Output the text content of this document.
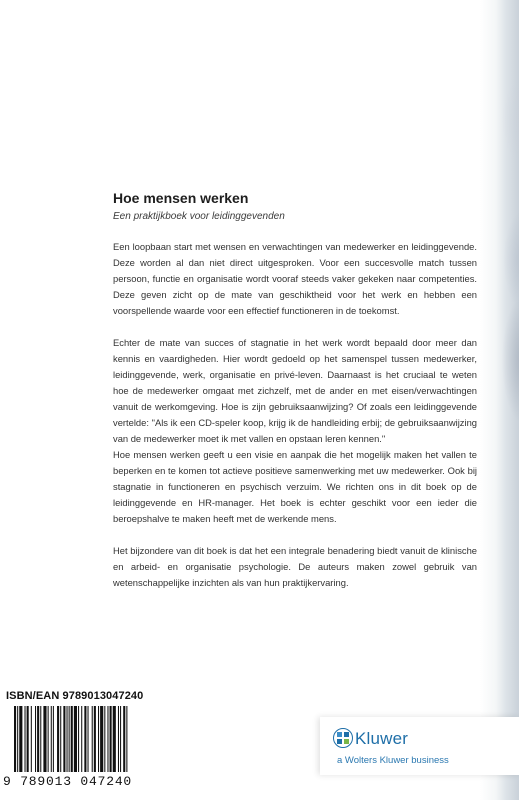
Hoe mensen werken
Een praktijkboek voor leidinggevenden

Een loopbaan start met wensen en verwachtingen van medewerker en leidinggevende. Deze worden al dan niet direct uitgesproken. Voor een succesvolle match tussen persoon, functie en organisatie wordt vooraf steeds vaker gekeken naar competenties. Deze geven zicht op de mate van geschiktheid voor het werk en hebben een voorspellende waarde voor een effectief functioneren in de toekomst.

Echter de mate van succes of stagnatie in het werk wordt bepaald door meer dan kennis en vaardigheden. Hier wordt gedoeld op het samenspel tussen medewerker, leidinggevende, werk, organisatie en privé-leven. Daarnaast is het cruciaal te weten hoe de medewerker omgaat met zichzelf, met de ander en met eisen/verwachtingen vanuit de werkomgeving. Hoe is zijn gebruiksaanwijzing? Of zoals een leidinggevende vertelde: "Als ik een CD-speler koop, krijg ik de handleiding erbij; de gebruiksaanwijzing van de medewerker moet ik met vallen en opstaan leren kennen."

Hoe mensen werken geeft u een visie en aanpak die het mogelijk maken het vallen te beperken en te komen tot actieve positieve samenwerking met uw medewerker. Ook bij stagnatie in functioneren en psychisch verzuim. We richten ons in dit boek op de leidinggevende en HR-manager. Het boek is echter geschikt voor een ieder die beroepshalve te maken heeft met de werkende mens.

Het bijzondere van dit boek is dat het een integrale benadering biedt vanuit de klinische en arbeid- en organisatie psychologie. De auteurs maken zowel gebruik van wetenschappelijke inzichten als van hun praktijkervaring.

ISBN/EAN 9789013047240
9 789013 047240
Kluwer
a Wolters Kluwer business
